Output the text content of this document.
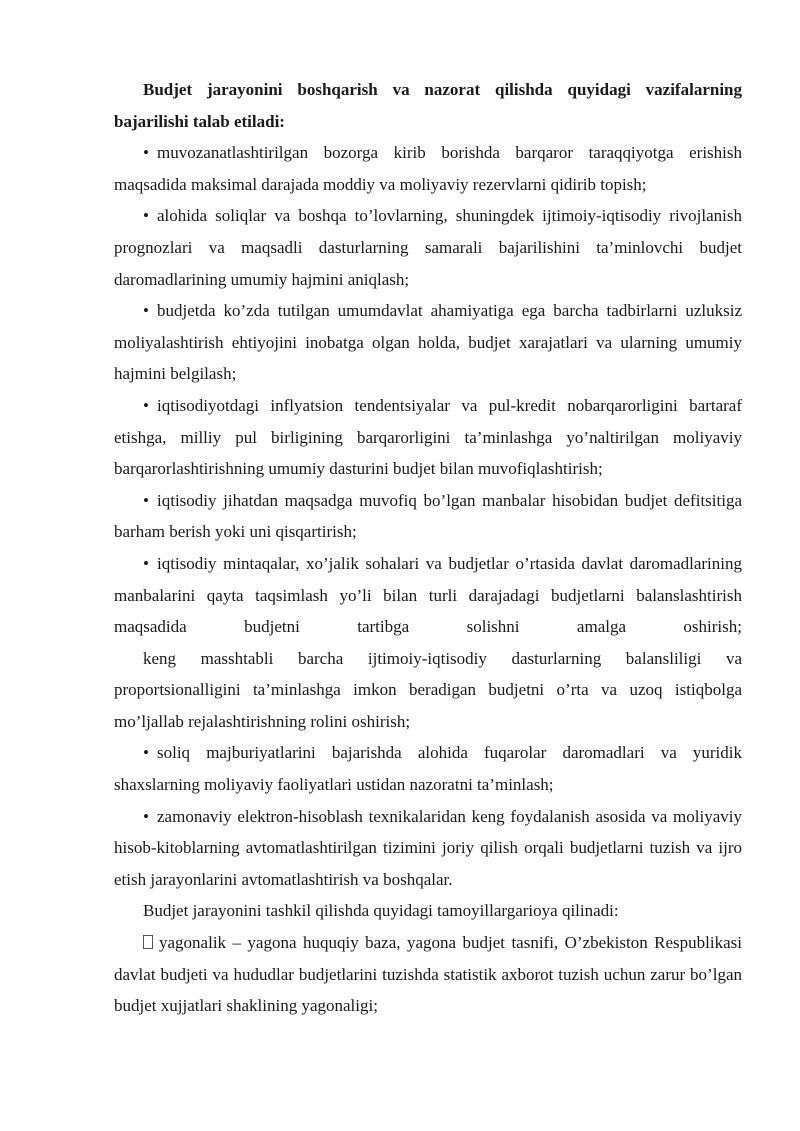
Budjet jarayonini boshqarish va nazorat qilishda quyidagi vazifalarning bajarilishi talab etiladi:

• muvozanatlashtirilgan bozorga kirib borishda barqaror taraqqiyotga erishish maqsadida maksimal darajada moddiy va moliyaviy rezervlarni qidirib topish;

• alohida soliqlar va boshqa to’lovlarning, shuningdek ijtimoiy-iqtisodiy rivojlanish prognozlari va maqsadli dasturlarning samarali bajarilishini ta’minlovchi budjet daromadlarining umumiy hajmini aniqlash;

• budjetda ko’zda tutilgan umumdavlat ahamiyatiga ega barcha tadbirlarni uzluksiz moliyalashtirish ehtiyojini inobatga olgan holda, budjet xarajatlari va ularning umumiy hajmini belgilash;

• iqtisodiyotdagi inflyatsion tendentsiyalar va pul-kredit nobarqarorligini bartaraf etishga, milliy pul birligining barqarorligini ta’minlashga yo’naltirilgan moliyaviy barqarorlashtirishning umumiy dasturini budjet bilan muvofiqlashtirish;

• iqtisodiy jihatdan maqsadga muvofiq bo’lgan manbalar hisobidan budjet defitsitiga barham berish yoki uni qisqartirish;

• iqtisodiy mintaqalar, xo’jalik sohalari va budjetlar o’rtasida davlat daromadlarining manbalarini qayta taqsimlash yo’li bilan turli darajadagi budjetlarni balanslashtirish maqsadida budjetni tartibga solishni amalga oshirish;

keng masshtabli barcha ijtimoiy-iqtisodiy dasturlarning balansliligi va proportsionalligini ta’minlashga imkon beradigan budjetni o’rta va uzoq istiqbolga mo’ljallab rejalashtirishning rolini oshirish;

• soliq majburiyatlarini bajarishda alohida fuqarolar daromadlari va yuridik shaxslarning moliyaviy faoliyatlari ustidan nazoratni ta’minlash;

• zamonaviy elektron-hisoblash texnikalaridan keng foydalanish asosida va moliyaviy hisob-kitoblarning avtomatlashtirilgan tizimini joriy qilish orqali budjetlarni tuzish va ijro etish jarayonlarini avtomatlashtirish va boshqalar.

Budjet jarayonini tashkil qilishda quyidagi tamoyillargarioya qilinadi:

yagonalik – yagona huquqiy baza, yagona budjet tasnifi, O’zbekiston Respublikasi davlat budjeti va hududlar budjetlarini tuzishda statistik axborot tuzish uchun zarur bo’lgan budjet xujjatlari shaklining yagonaligi;
